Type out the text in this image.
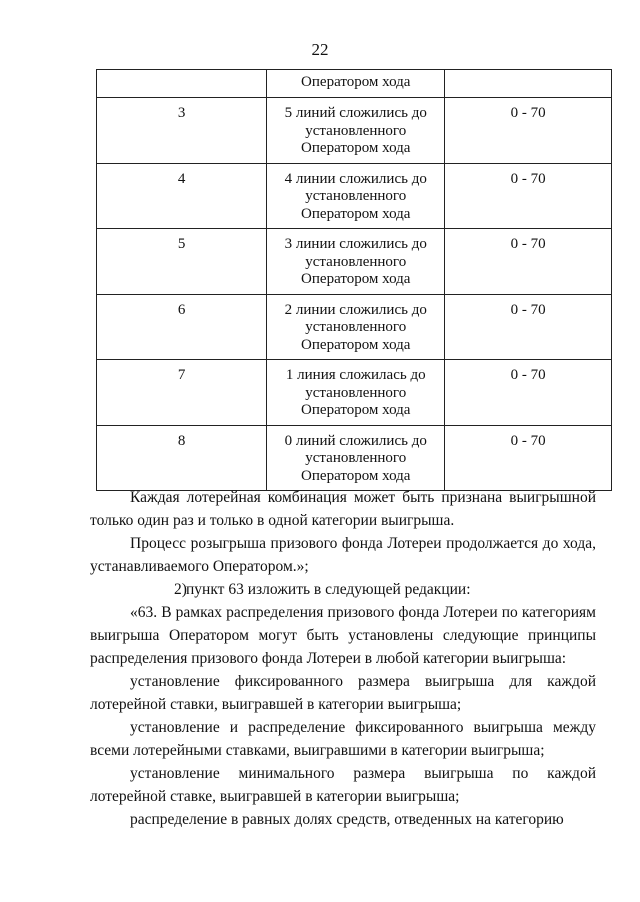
22
	Оператором хода	
3	5 линий сложились до установленного Оператором хода	0 - 70
4	4 линии сложились до установленного Оператором хода	0 - 70
5	3 линии сложились до установленного Оператором хода	0 - 70
6	2 линии сложились до установленного Оператором хода	0 - 70
7	1 линия сложилась до установленного Оператором хода	0 - 70
8	0 линий сложились до установленного Оператором хода	0 - 70

Каждая лотерейная комбинация может быть признана выигрышной только один раз и только в одной категории выигрыша.

Процесс розыгрыша призового фонда Лотереи продолжается до хода, устанавливаемого Оператором.»;

2)пункт 63 изложить в следующей редакции:

«63. В рамках распределения призового фонда Лотереи по категориям выигрыша Оператором могут быть установлены следующие принципы распределения призового фонда Лотереи в любой категории выигрыша:

установление фиксированного размера выигрыша для каждой лотерейной ставки, выигравшей в категории выигрыша;

установление и распределение фиксированного выигрыша между всеми лотерейными ставками, выигравшими в категории выигрыша;

установление минимального размера выигрыша по каждой лотерейной ставке, выигравшей в категории выигрыша;

распределение в равных долях средств, отведенных на категорию
